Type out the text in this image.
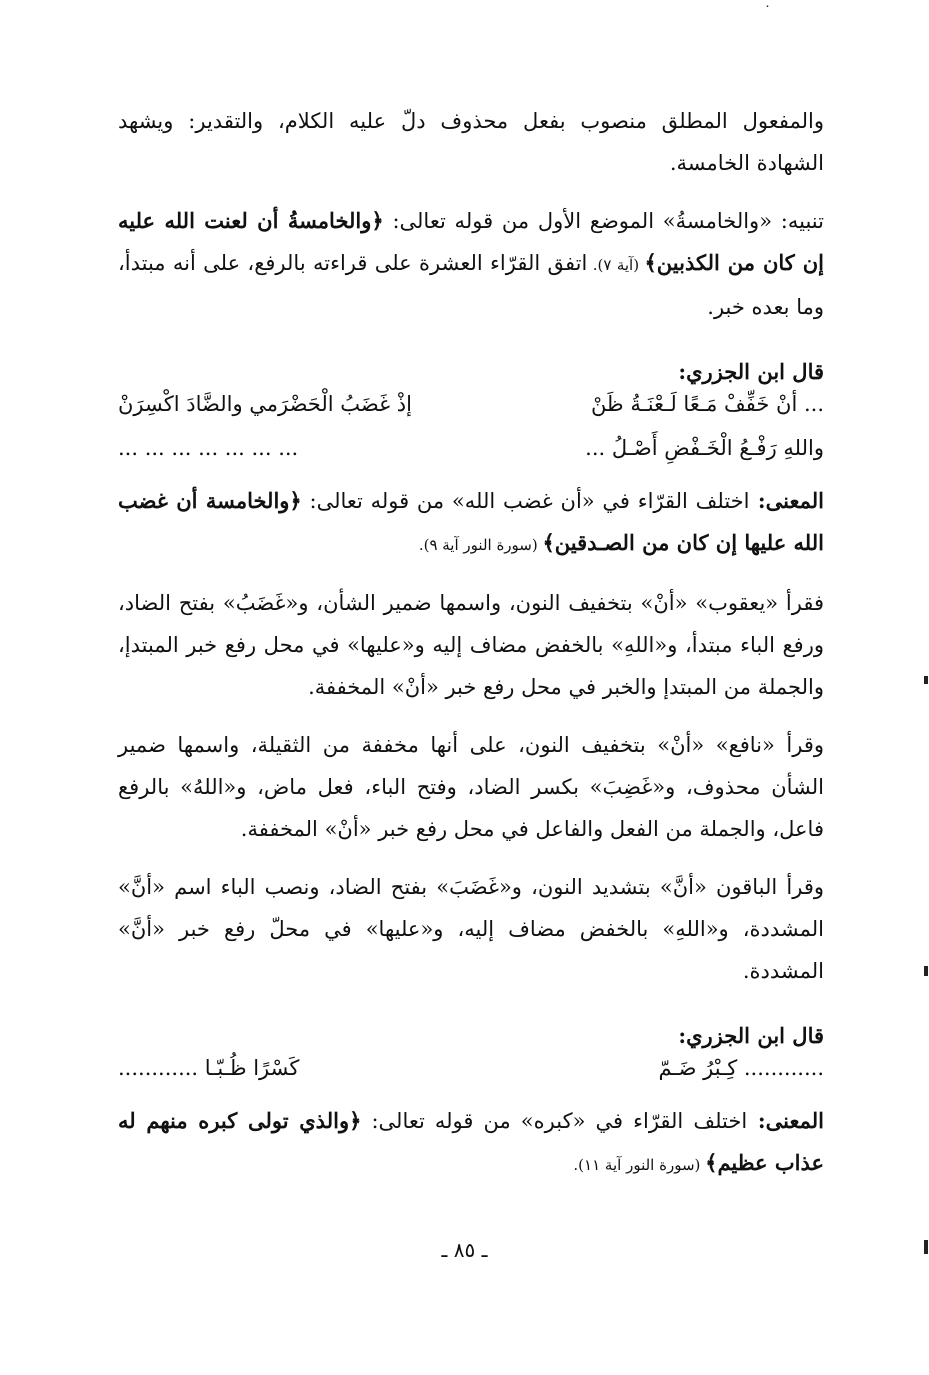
˙

والمفعول المطلق منصوب بفعل محذوف دلّ عليه الكلام، والتقدير: ويشهد الشهادة الخامسة.

تنبيه: «والخامسةُ» الموضع الأول من قوله تعالى: ﴿والخامسةُ أن لعنت الله عليه إن كان من الكذبين﴾ (آية ٧). اتفق القرّاء العشرة على قراءته بالرفع، على أنه مبتدأ، وما بعده خبر.

قال ابن الجزري:
... أنْ خَفِّفْ مَـعًا لَـعْنَـةُ ظَنْ
إذْ غَضَبُ الْحَضْرَمي والضَّادَ اكْسِرَنْ
واللهِ رَفْـعُ الْخَـفْضِ أَصْـلُ ...
... ... ... ... ... ... ...

المعنى: اختلف القرّاء في «أن غضب الله» من قوله تعالى: ﴿والخامسة أن غضب الله عليها إن كان من الصـدقين﴾ (سورة النور آية ٩).

فقرأ «يعقوب» «أنْ» بتخفيف النون، واسمها ضمير الشأن، و«غَضَبُ» بفتح الضاد، ورفع الباء مبتدأ، و«اللهِ» بالخفض مضاف إليه و«عليها» في محل رفع خبر المبتدإ، والجملة من المبتدإ والخبر في محل رفع خبر «أنْ» المخففة.

وقرأ «نافع» «أنْ» بتخفيف النون، على أنها مخففة من الثقيلة، واسمها ضمير الشأن محذوف، و«غَضِبَ» بكسر الضاد، وفتح الباء، فعل ماض، و«اللهُ» بالرفع فاعل، والجملة من الفعل والفاعل في محل رفع خبر «أنْ» المخففة.

وقرأ الباقون «أنَّ» بتشديد النون، و«غَضَبَ» بفتح الضاد، ونصب الباء اسم «أنَّ» المشددة، و«اللهِ» بالخفض مضاف إليه، و«عليها» في محلّ رفع خبر «أنَّ» المشددة.

قال ابن الجزري:
............ كِـبْرُ ضَـمّ
كَسْرًا ظُـبّـا ............

المعنى: اختلف القرّاء في «كبره» من قوله تعالى: ﴿والذي تولى كبره منهم له عذاب عظيم﴾ (سورة النور آية ١١).

ـ ٨٥ ـ
